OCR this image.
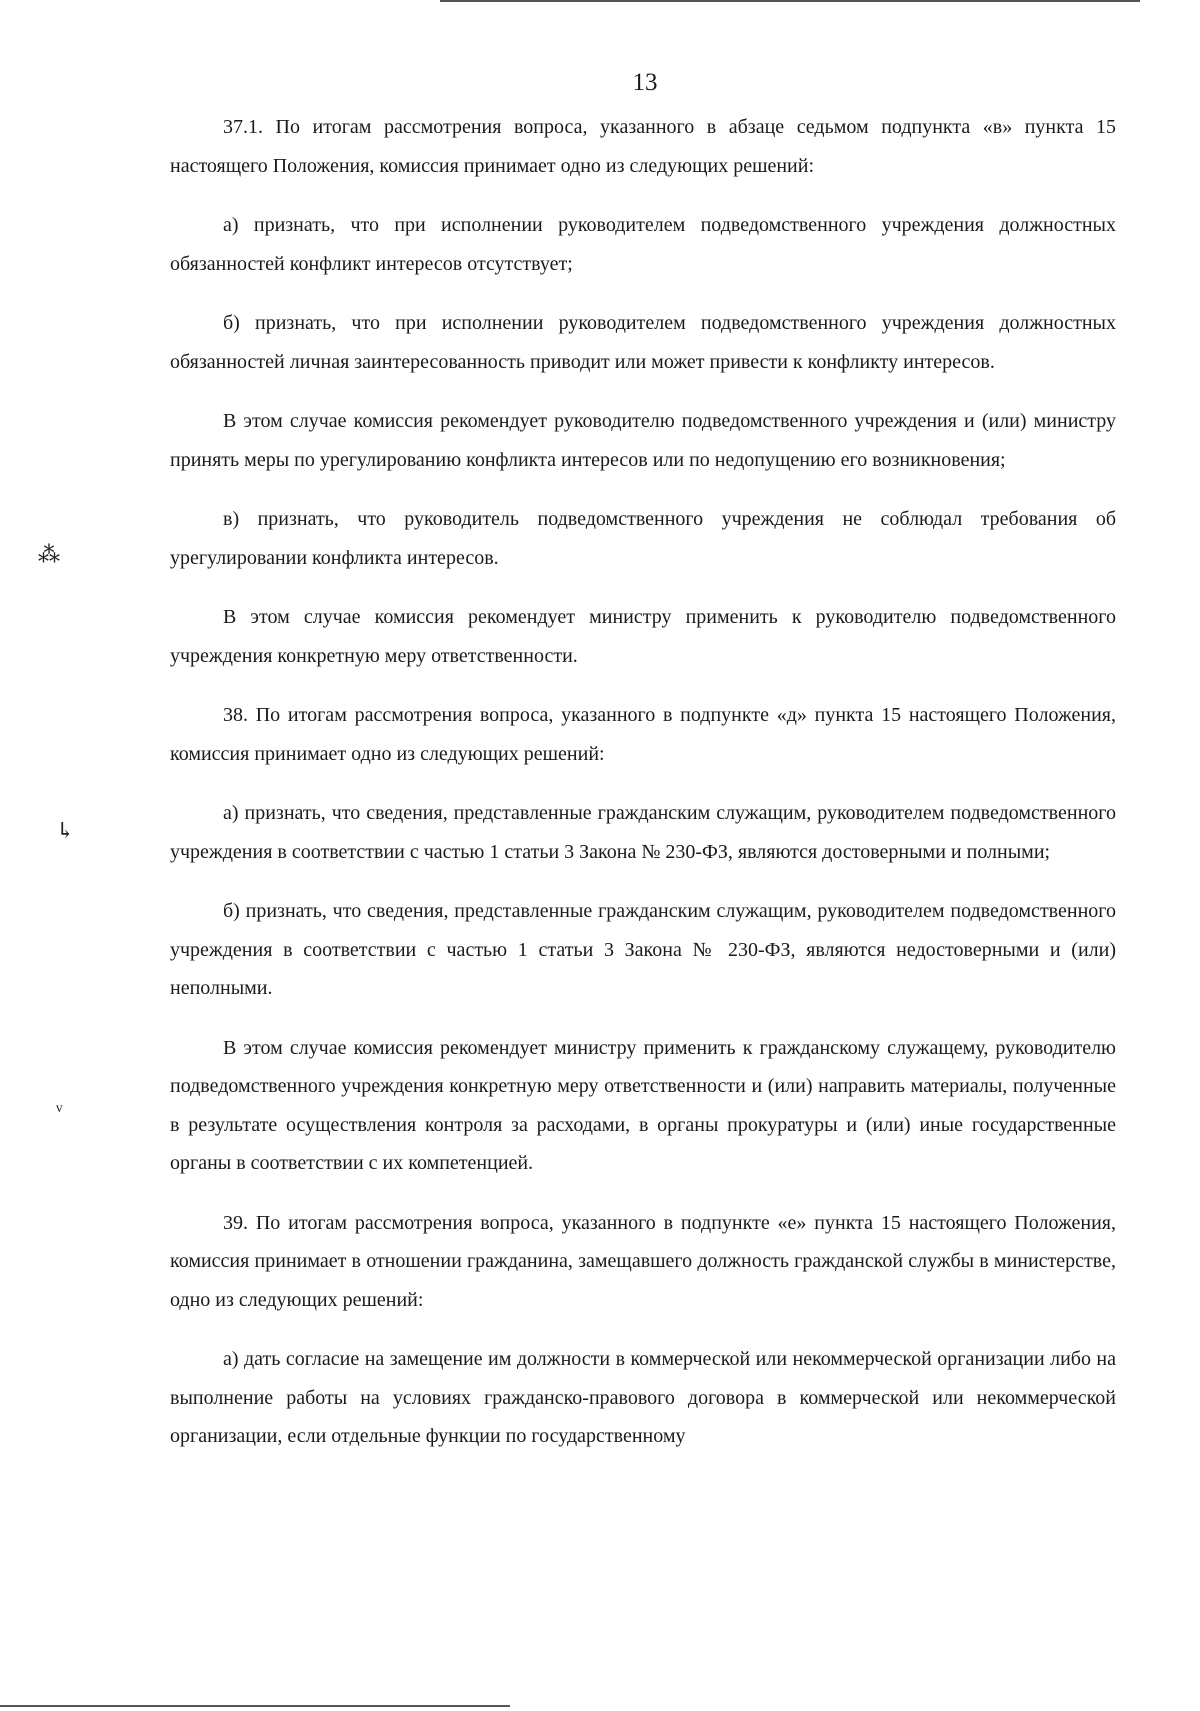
13

37.1. По итогам рассмотрения вопроса, указанного в абзаце седьмом подпункта «в» пункта 15 настоящего Положения, комиссия принимает одно из следующих решений:

а) признать, что при исполнении руководителем подведомственного учреждения должностных обязанностей конфликт интересов отсутствует;

б) признать, что при исполнении руководителем подведомственного учреждения должностных обязанностей личная заинтересованность приводит или может привести к конфликту интересов.

В этом случае комиссия рекомендует руководителю подведомственного учреждения и (или) министру принять меры по урегулированию конфликта интересов или по недопущению его возникновения;

в) признать, что руководитель подведомственного учреждения не соблюдал требования об урегулировании конфликта интересов.

В этом случае комиссия рекомендует министру применить к руководителю подведомственного учреждения конкретную меру ответственности.

38. По итогам рассмотрения вопроса, указанного в подпункте «д» пункта 15 настоящего Положения, комиссия принимает одно из следующих решений:

а) признать, что сведения, представленные гражданским служащим, руководителем подведомственного учреждения в соответствии с частью 1 статьи 3 Закона № 230-ФЗ, являются достоверными и полными;

б) признать, что сведения, представленные гражданским служащим, руководителем подведомственного учреждения в соответствии с частью 1 статьи 3 Закона № 230-ФЗ, являются недостоверными и (или) неполными.

В этом случае комиссия рекомендует министру применить к гражданскому служащему, руководителю подведомственного учреждения конкретную меру ответственности и (или) направить материалы, полученные в результате осуществления контроля за расходами, в органы прокуратуры и (или) иные государственные органы в соответствии с их компетенцией.

39. По итогам рассмотрения вопроса, указанного в подпункте «е» пункта 15 настоящего Положения, комиссия принимает в отношении гражданина, замещавшего должность гражданской службы в министерстве, одно из следующих решений:

а) дать согласие на замещение им должности в коммерческой или некоммерческой организации либо на выполнение работы на условиях гражданско-правового договора в коммерческой или некоммерческой организации, если отдельные функции по государственному

⁂
↳
ᵛ
